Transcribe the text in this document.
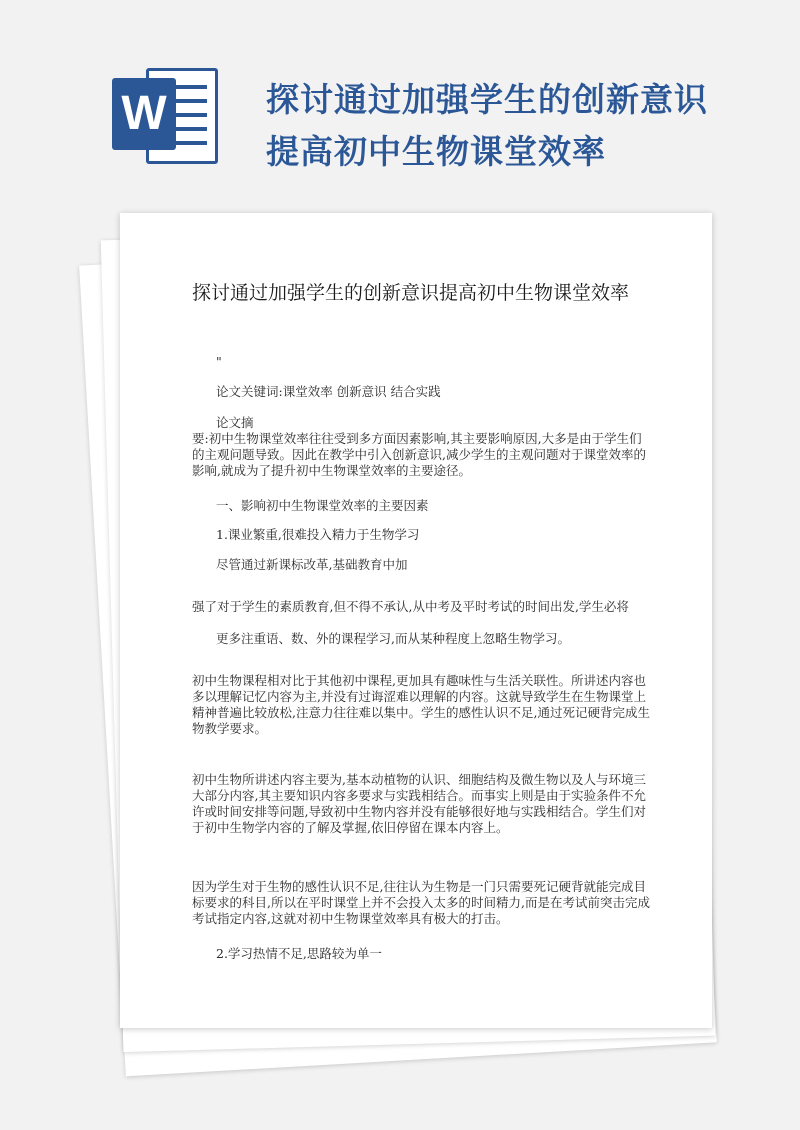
W	探讨通过加强学生的创新意识
提高初中生物课堂效率
探讨通过加强学生的创新意识提高初中生物课堂效率

"

论文关键词:课堂效率 创新意识 结合实践

论文摘

要:初中生物课堂效率往往受到多方面因素影响,其主要影响原因,大多是由于学生们的主观问题导致。因此在教学中引入创新意识,减少学生的主观问题对于课堂效率的影响,就成为了提升初中生物课堂效率的主要途径。

一、影响初中生物课堂效率的主要因素

1.课业繁重,很难投入精力于生物学习

尽管通过新课标改革,基础教育中加

强了对于学生的素质教育,但不得不承认,从中考及平时考试的时间出发,学生必将

更多注重语、数、外的课程学习,而从某种程度上忽略生物学习。

初中生物课程相对比于其他初中课程,更加具有趣味性与生活关联性。所讲述内容也多以理解记忆内容为主,并没有过诲涩难以理解的内容。这就导致学生在生物课堂上精神普遍比较放松,注意力往往难以集中。学生的感性认识不足,通过死记硬背完成生物教学要求。

初中生物所讲述内容主要为,基本动植物的认识、细胞结构及微生物以及人与环境三大部分内容,其主要知识内容多要求与实践相结合。而事实上则是由于实验条件不允许或时间安排等问题,导致初中生物内容并没有能够很好地与实践相结合。学生们对于初中生物学内容的了解及掌握,依旧停留在课本内容上。

因为学生对于生物的感性认识不足,往往认为生物是一门只需要死记硬背就能完成目标要求的科目,所以在平时课堂上并不会投入太多的时间精力,而是在考试前突击完成考试指定内容,这就对初中生物课堂效率具有极大的打击。

2.学习热情不足,思路较为单一
